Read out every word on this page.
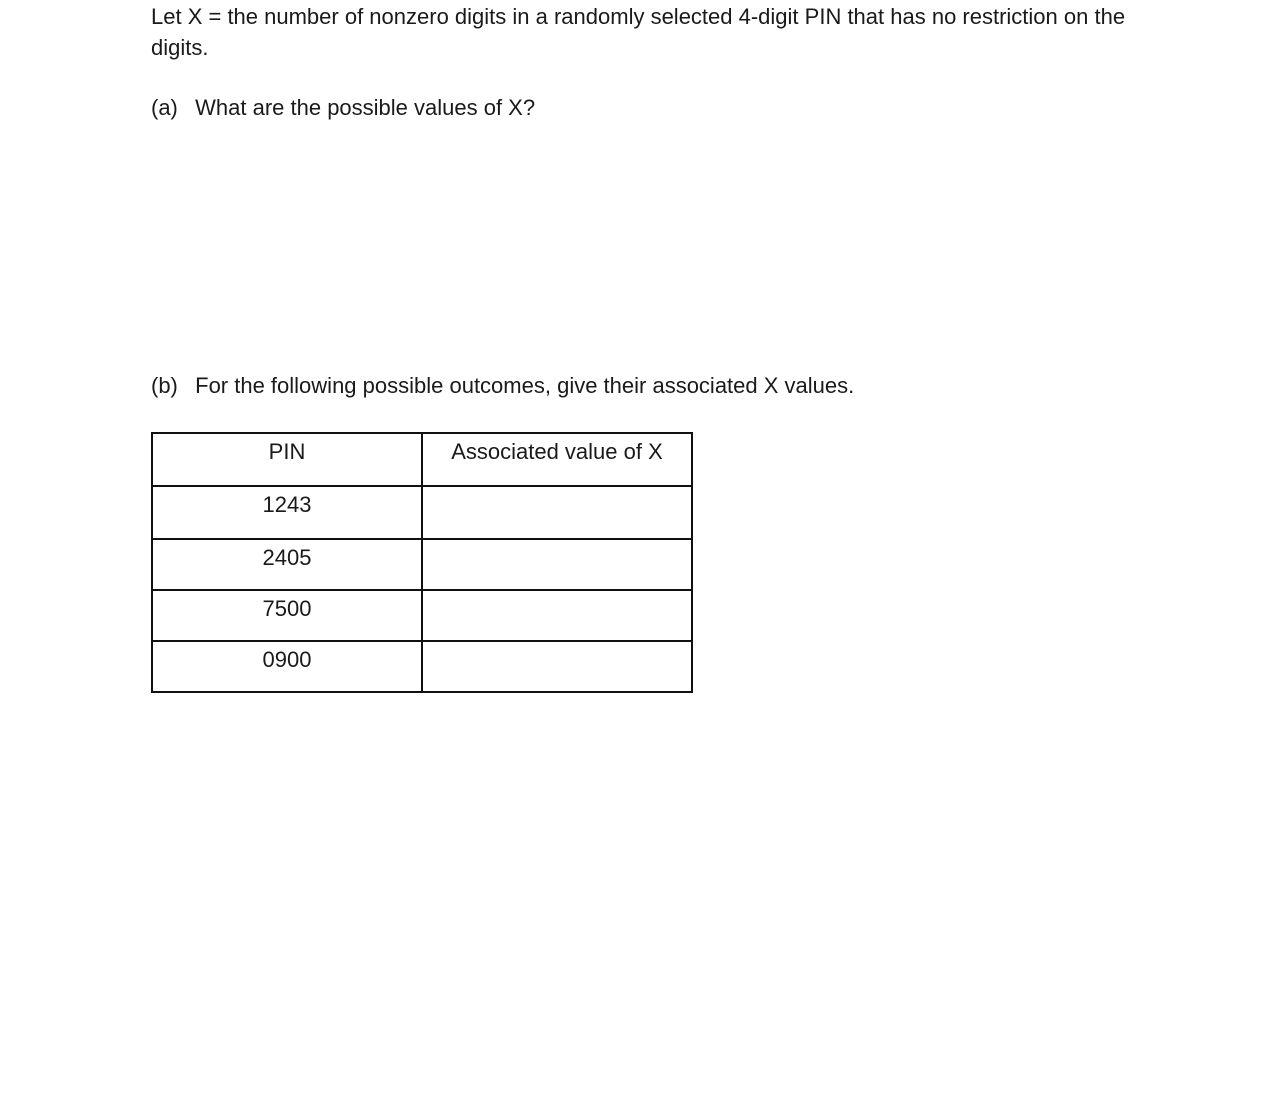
Let X = the number of nonzero digits in a randomly selected 4-digit PIN that has no restriction on the digits.

(a) What are the possible values of X?

(b) For the following possible outcomes, give their associated X values.

PIN	Associated value of X
1243	
2405	
7500	
0900	
